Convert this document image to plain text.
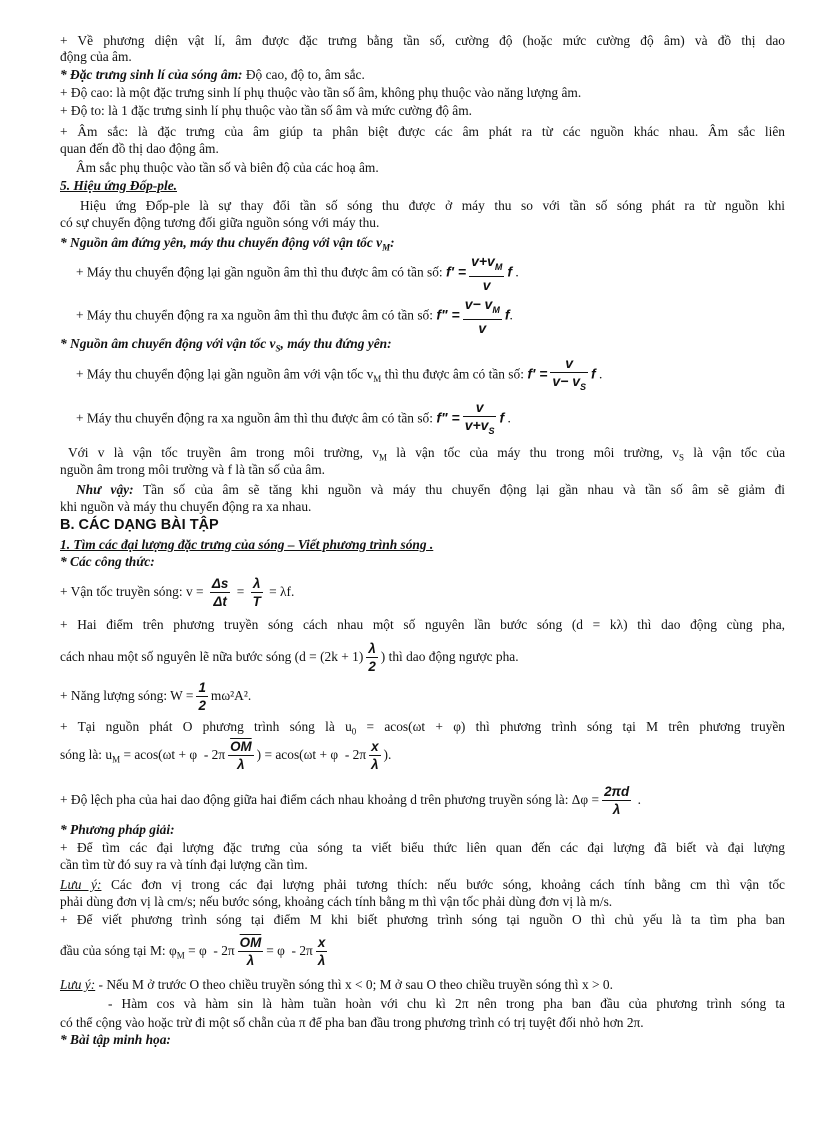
+ Về phương diện vật lí, âm được đặc trưng bằng tần số, cường độ (hoặc mức cường độ âm) và đồ thị dao
động của âm.
* Đặc trưng sinh lí của sóng âm: Độ cao, độ to, âm sắc.
+ Độ cao: là một đặc trưng sinh lí phụ thuộc vào tần số âm, không phụ thuộc vào năng lượng âm.
+ Độ to: là 1 đặc trưng sinh lí phụ thuộc vào tần số âm và mức cường độ âm.
+ Âm sắc: là đặc trưng của âm giúp ta phân biệt được các âm phát ra từ các nguồn khác nhau. Âm sắc liên
quan đến đồ thị dao động âm.
Âm sắc phụ thuộc vào tần số và biên độ của các hoạ âm.
5. Hiệu ứng Đốp-ple.
Hiệu ứng Đốp-ple là sự thay đổi tần số sóng thu được ở máy thu so với tần số sóng phát ra từ nguồn khi
có sự chuyển động tương đối giữa nguồn sóng với máy thu.
* Nguồn âm đứng yên, máy thu chuyển động với vận tốc $v_M$:
+ Máy thu chuyển động lại gần nguồn âm thì thu được âm có tần số: $f' = \frac{v+v_M}{v}$ f .
+ Máy thu chuyển động ra xa nguồn âm thì thu được âm có tần số: f" = $\frac{v- v_M}{v} f$.
* Nguồn âm chuyển động với vận tốc $v_S$, máy thu đứng yên:
+ Máy thu chuyển động lại gần nguồn âm với vận tốc $v_M$ thì thu được âm có tần số: $f' = \frac{v}{v- v_S}$ f .
+ Máy thu chuyển động ra xa nguồn âm thì thu được âm có tần số: f" = $\frac{v}{v+v_S}$ f .
Với v là vận tốc truyền âm trong môi trường, $v_M$ là vận tốc của máy thu trong môi trường, $v_S$ là vận tốc của
nguồn âm trong môi trường và f là tần số của âm.
Như vậy: Tần số của âm sẽ tăng khi nguồn và máy thu chuyển động lại gần nhau và tần số âm sẽ giảm đi
khi nguồn và máy thu chuyển động ra xa nhau.
B. CÁC DẠNG BÀI TẬP
1. Tìm các đại lượng đặc trưng của sóng – Viết phương trình sóng .
* Các công thức:
+ Vận tốc truyền sóng: $v = \frac{\Delta s}{\Delta t} = \frac{\lambda}{T} = \lambda f$.
+ Hai điểm trên phương truyền sóng cách nhau một số nguyên lần bước sóng (d = kλ) thì dao động cùng pha,
cách nhau một số nguyên lẽ nữa bước sóng ($d = (2k + 1) \frac{\lambda}{2}$ ) thì dao động ngược pha.
+ Năng lượng sóng: $W = \frac{1}{2} m\omega^2A^2$.
+ Tại nguồn phát O phương trình sóng là $u_0 = acos(\omega t + \varphi)$ thì phương trình sóng tại M trên phương truyền
sóng là: $u_M = acos(\omega t + \varphi - 2\pi \frac{\overline{OM}}{\lambda}$ ) = $acos(\omega t + \varphi - 2\pi \frac{x}{\lambda}$ ).
+ Độ lệch pha của hai dao động giữa hai điểm cách nhau khoảng d trên phương truyền sóng là: $\Delta\varphi = \frac{2\pi d}{\lambda}$ .
* Phương pháp giải:
+ Để tìm các đại lượng đặc trưng của sóng ta viết biểu thức liên quan đến các đại lượng đã biết và đại lượng
cần tìm từ đó suy ra và tính đại lượng cần tìm.
Lưu ý: Các đơn vị trong các đại lượng phải tương thích: nếu bước sóng, khoảng cách tính bằng cm thì vận tốc
phải dùng đơn vị là cm/s; nếu bước sóng, khoảng cách tính bằng m thì vận tốc phải dùng đơn vị là m/s.
+ Để viết phương trình sóng tại điểm M khi biết phương trình sóng tại nguồn O thì chủ yếu là ta tìm pha ban
đầu của sóng tại M: $\varphi_M = \varphi - 2\pi \frac{\overline{OM}}{\lambda} = \varphi - 2\pi \frac{x}{\lambda}$
Lưu ý: - Nếu M ở trước O theo chiều truyền sóng thì x < 0; M ở sau O theo chiều truyền sóng thì x > 0.
- Hàm cos và hàm sin là hàm tuần hoàn với chu kì 2π nên trong pha ban đầu của phương trình sóng ta
có thể cộng vào hoặc trừ đi một số chẵn của π để pha ban đầu trong phương trình có trị tuyệt đối nhỏ hơn 2π.
* Bài tập minh họa:
